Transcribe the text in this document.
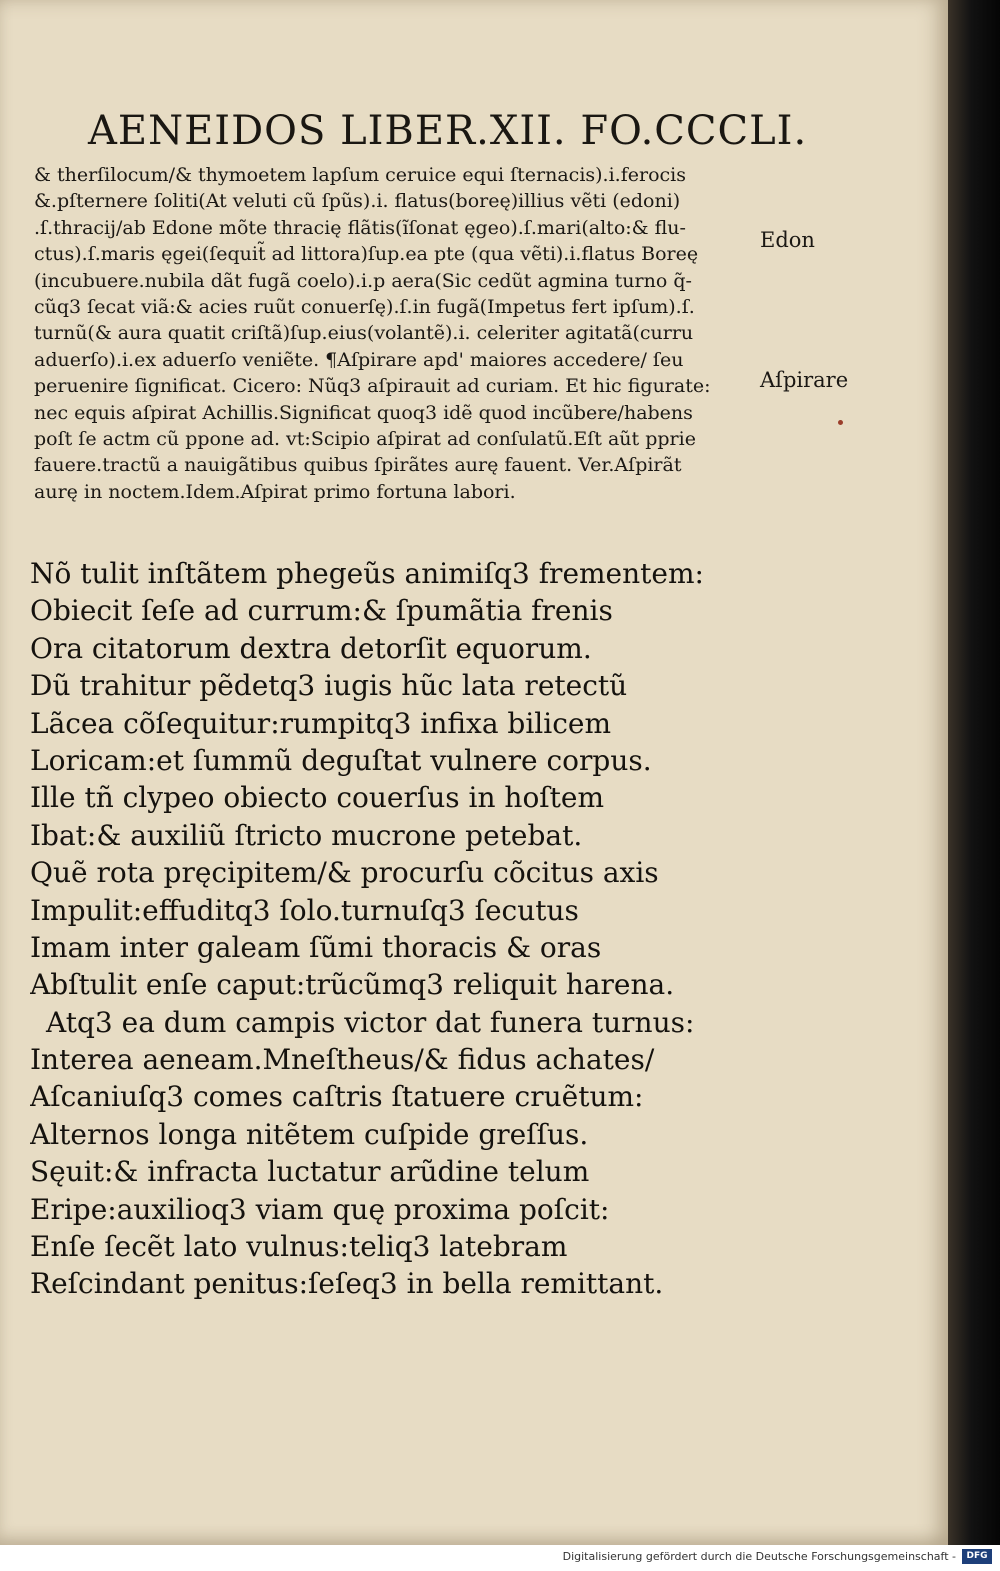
AENEIDOS LIBER.XII. FO.CCCLI.
& therſilocum/& thymoetem lapſum ceruice equi ſternacis).i.ferocis
&.pſternere ſoliti(At veluti cũ ſpũs).i. flatus(boreę)illius vẽti (edoni)
.ſ.thracij/ab Edone mõte thracię flãtis(ĩſonat ęgeo).ſ.mari(alto:& flu‑
ctus).ſ.maris ęgei(ſequit̃ ad littora)ſup.ea pte (qua vẽti).i.flatus Boreę
(incubuere.nubila dãt fugã coelo).i.p aera(Sic cedũt agmina turno q̃‑
cũq3 ſecat viã:& acies ruũt conuerſę).ſ.in fugã(Impetus fert ipſum).ſ.
turnũ(& aura quatit criſtã)ſup.eius(volantẽ).i. celeriter agitatã(curru
aduerſo).i.ex aduerſo veniẽte. ¶Aſpirare apd' maiores accedere/ ſeu
peruenire ſignificat. Cicero: Nũq3 aſpirauit ad curiam. Et hic figurate:
nec equis aſpirat Achillis.Significat quoq3 idẽ quod incũbere/habens
poſt ſe actm cũ ppone ad. vt:Scipio aſpirat ad conſulatũ.Eſt aũt pprie
fauere.tractũ a nauigãtibus quibus ſpirãtes aurę fauent. Ver.Aſpirãt
aurę in noctem.Idem.Aſpirat primo fortuna labori.
Edon
Aſpirare
Nõ tulit inſtãtem phegeũs animiſq3 frementem:
Obiecit ſeſe ad currum:& ſpumãtia frenis
Ora citatorum dextra detorſit equorum.
Dũ trahitur pẽdetq3 iugis hũc lata retectũ
Lãcea cõſequitur:rumpitq3 infixa bilicem
Loricam:et ſummũ deguſtat vulnere corpus.
Ille tñ clypeo obiecto couerſus in hoſtem
Ibat:& auxiliũ ſtricto mucrone petebat.
Quẽ rota pręcipitem/& procurſu cõcitus axis
Impulit:effuditq3 ſolo.turnuſq3 ſecutus
Imam inter galeam ſũmi thoracis & oras
Abſtulit enſe caput:trũcũmq3 reliquit harena.
Atq3 ea dum campis victor dat funera turnus:
Interea aeneam.Mneſtheus/& fidus achates/
Aſcaniuſq3 comes caſtris ſtatuere cruẽtum:
Alternos longa nitẽtem cuſpide greſſus.
Sęuit:& infracta luctatur arũdine telum
Eripe:auxilioq3 viam quę proxima poſcit:
Enſe ſecẽt lato vulnus:teliq3 latebram
Reſcindant penitus:ſeſeq3 in bella remittant.
Digitalisierung gefördert durch die Deutsche Forschungsgemeinschaft -	DFG
